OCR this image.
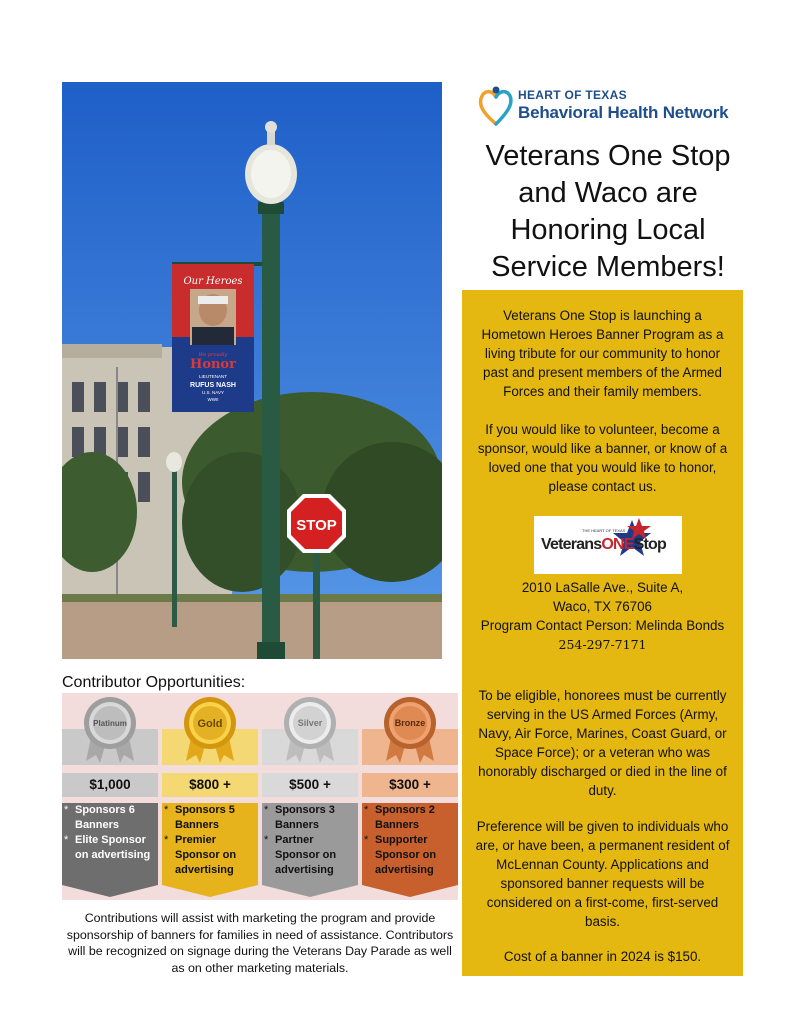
Our Heroes
We proudly
Honor
LIEUTENANT
RUFUS NASH
U.S. NAVY
WWII
STOP
HEART OF TEXAS
Behavioral Health Network
Veterans One Stop
and Waco are
Honoring Local
Service Members!

Veterans One Stop is launching a Hometown Heroes Banner Program as a living tribute for our community to honor past and present members of the Armed Forces and their family members.

If you would like to volunteer, become a sponsor, would like a banner, or know of a loved one that you would like to honor, please contact us.

THE HEART OF TEXAS
VeteransONEStop

2010 LaSalle Ave., Suite A,

Waco, TX 76706

Program Contact Person: Melinda Bonds

254-297-7171

To be eligible, honorees must be currently serving in the US Armed Forces (Army, Navy, Air Force, Marines, Coast Guard, or Space Force); or a veteran who was honorably discharged or died in the line of duty.

Preference will be given to individuals who are, or have been, a permanent resident of McLennan County. Applications and sponsored banner requests will be considered on a first-come, first-served basis.

Cost of a banner in 2024 is $150.

Contributor Opportunities:
Platinum
$1,000
* Sponsors 6 Banners
* Elite Sponsor on advertising
Gold
$800 +
* Sponsors 5 Banners
* Premier Sponsor on advertising
Silver
$500 +
* Sponsors 3 Banners
* Partner Sponsor on advertising
Bronze
$300 +
* Sponsors 2 Banners
* Supporter Sponsor on advertising
Contributions will assist with marketing the program and provide sponsorship of banners for families in need of assistance. Contributors will be recognized on signage during the Veterans Day Parade as well as on other marketing materials.
